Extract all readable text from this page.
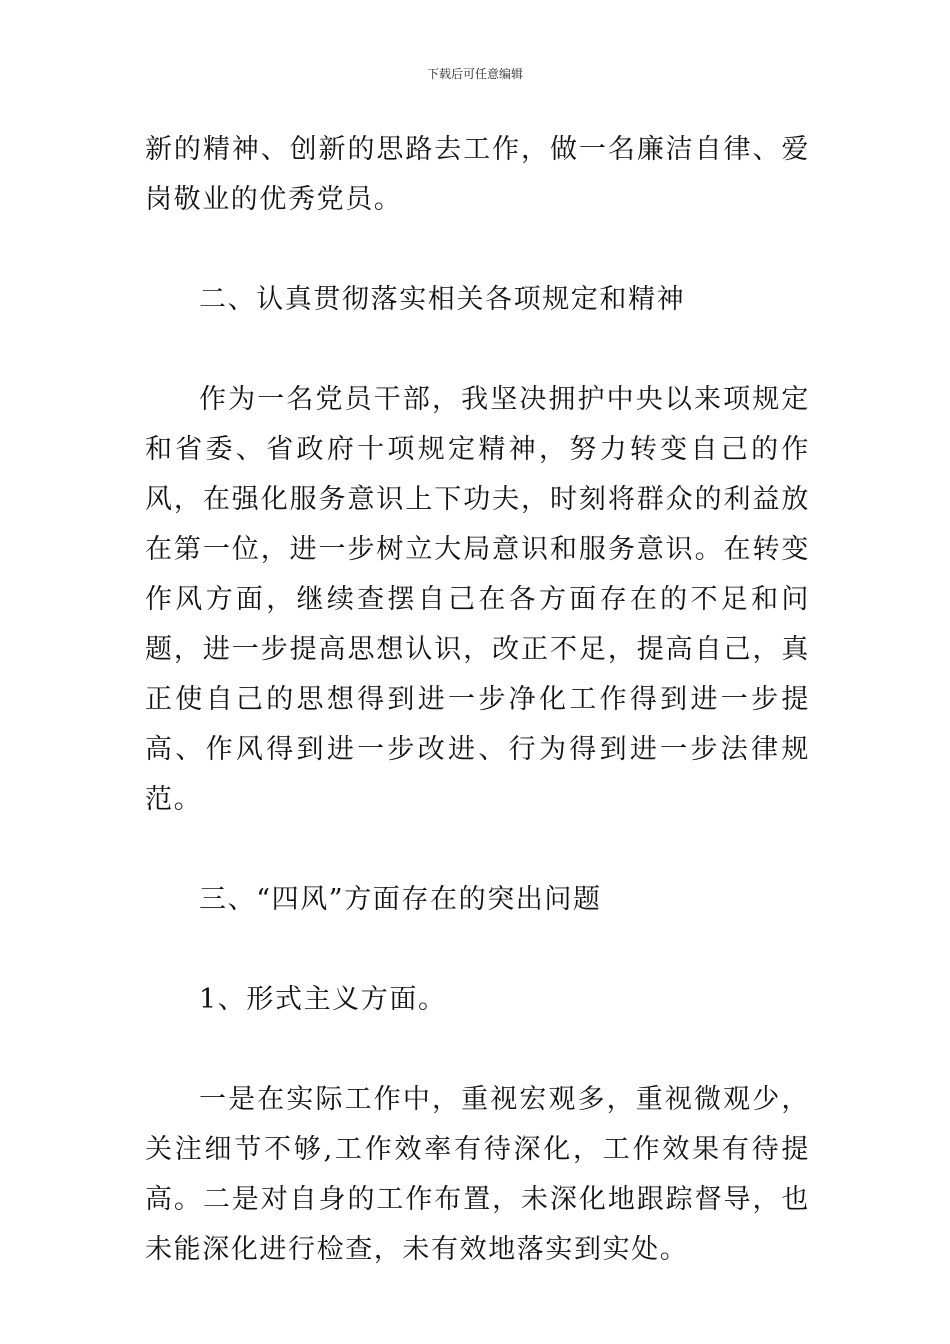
下载后可任意编辑

新的精神、创新的思路去工作，做一名廉洁自律、爱岗敬业的优秀党员。

二、认真贯彻落实相关各项规定和精神

作为一名党员干部，我坚决拥护中央以来项规定和省委、省政府十项规定精神，努力转变自己的作风，在强化服务意识上下功夫，时刻将群众的利益放在第一位，进一步树立大局意识和服务意识。在转变作风方面，继续查摆自己在各方面存在的不足和问题，进一步提高思想认识，改正不足，提高自己，真正使自己的思想得到进一步净化工作得到进一步提高、作风得到进一步改进、行为得到进一步法律规范。

三、“四风”方面存在的突出问题

1、形式主义方面。

一是在实际工作中，重视宏观多，重视微观少，关注细节不够,工作效率有待深化，工作效果有待提高。二是对自身的工作布置，未深化地跟踪督导，也未能深化进行检查，未有效地落实到实处。
